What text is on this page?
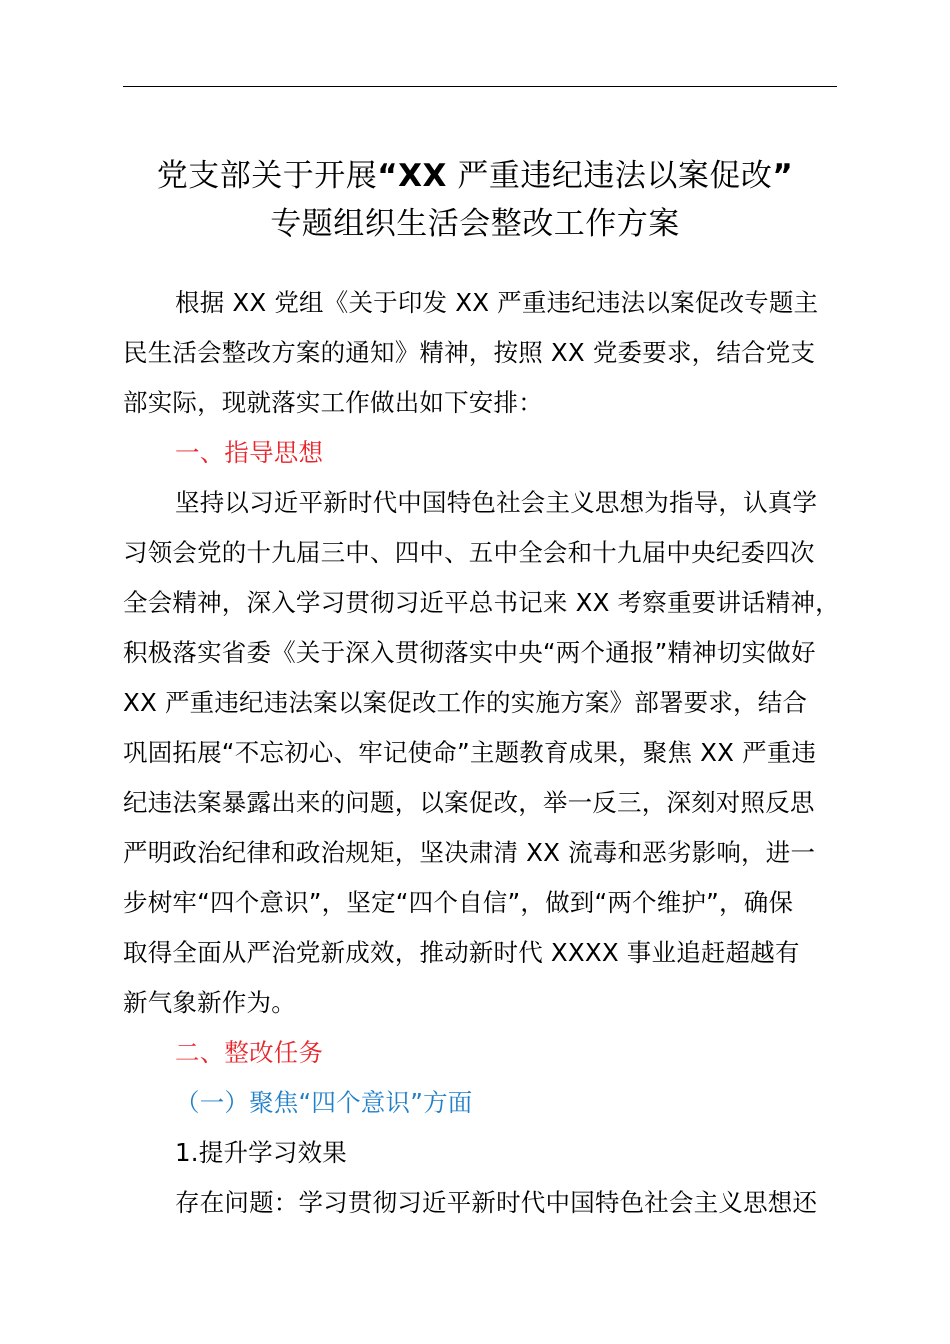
党支部关于开展“XX 严重违纪违法以案促改”
专题组织生活会整改工作方案
根据 XX 党组《关于印发 XX 严重违纪违法以案促改专题主
民生活会整改方案的通知》精神，按照 XX 党委要求，结合党支
部实际，现就落实工作做出如下安排：
一、指导思想
坚持以习近平新时代中国特色社会主义思想为指导，认真学
习领会党的十九届三中、四中、五中全会和十九届中央纪委四次
全会精神，深入学习贯彻习近平总书记来 XX 考察重要讲话精神，
积极落实省委《关于深入贯彻落实中央“两个通报”精神切实做好
XX 严重违纪违法案以案促改工作的实施方案》部署要求，结合
巩固拓展“不忘初心、牢记使命”主题教育成果，聚焦 XX 严重违
纪违法案暴露出来的问题，以案促改，举一反三，深刻对照反思
严明政治纪律和政治规矩，坚决肃清 XX 流毒和恶劣影响，进一
步树牢“四个意识”，坚定“四个自信”，做到“两个维护”，确保
取得全面从严治党新成效，推动新时代 XXXX 事业追赶超越有
新气象新作为。
二、整改任务
（一）聚焦“四个意识”方面
1.提升学习效果
存在问题：学习贯彻习近平新时代中国特色社会主义思想还
